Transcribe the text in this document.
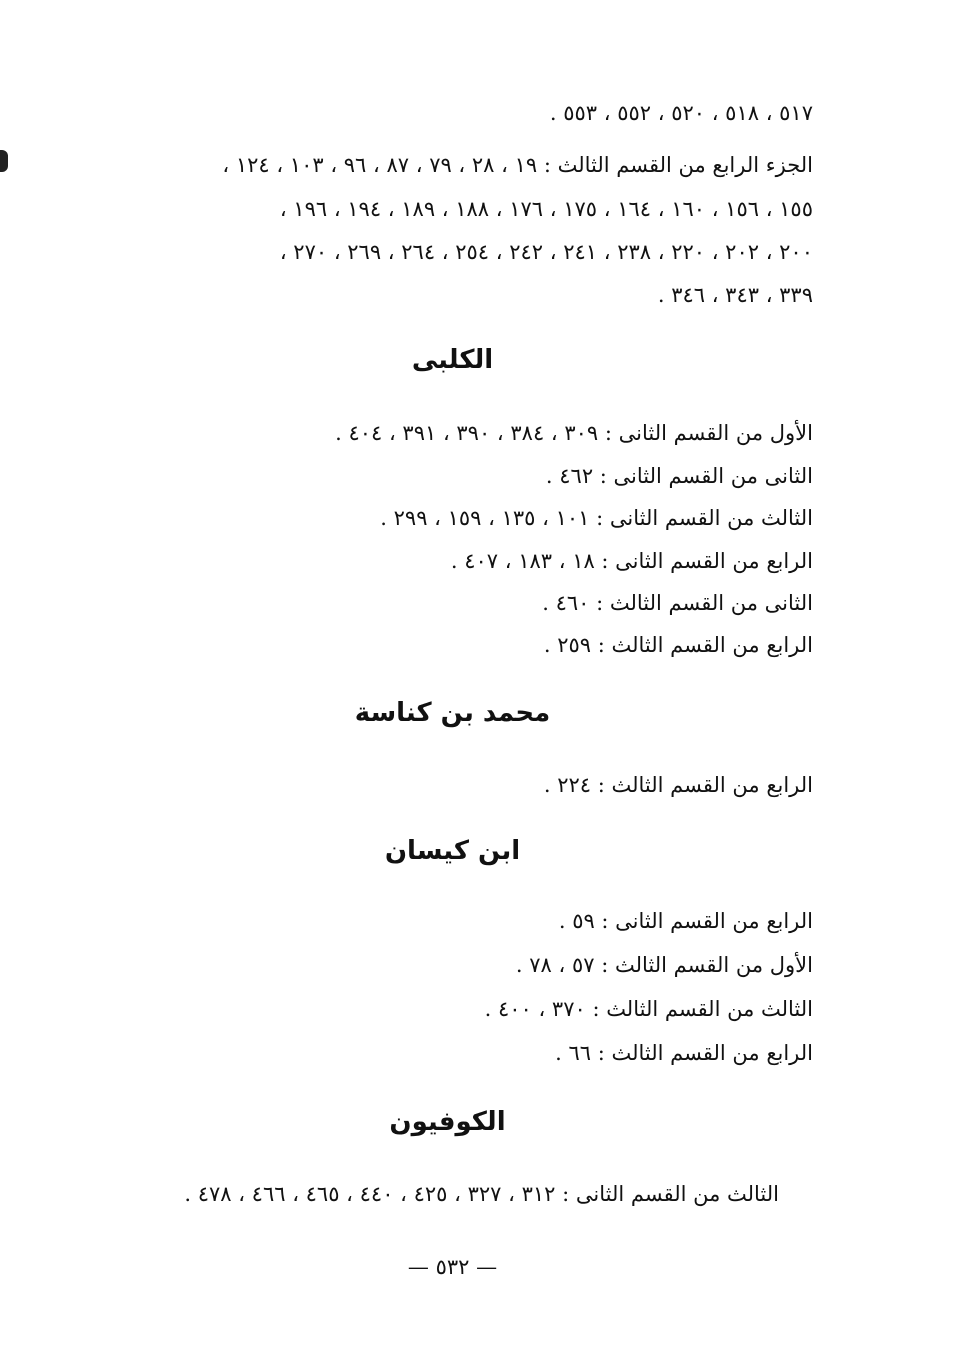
٥١٧ ، ٥١٨ ، ٥٢٠ ، ٥٥٢ ، ٥٥٣ .
الجزء الرابع من القسم الثالث : ١٩ ، ٢٨ ، ٧٩ ، ٨٧ ، ٩٦ ، ١٠٣ ، ١٢٤ ،
١٥٥ ، ١٥٦ ، ١٦٠ ، ١٦٤ ، ١٧٥ ، ١٧٦ ، ١٨٨ ، ١٨٩ ، ١٩٤ ، ١٩٦ ،
٢٠٠ ، ٢٠٢ ، ٢٢٠ ، ٢٣٨ ، ٢٤١ ، ٢٤٢ ، ٢٥٤ ، ٢٦٤ ، ٢٦٩ ، ٢٧٠ ،
٣٣٩ ، ٣٤٣ ، ٣٤٦ .
الكلبى
الأول من القسم الثانى : ٣٠٩ ، ٣٨٤ ، ٣٩٠ ، ٣٩١ ، ٤٠٤ .
الثانى من القسم الثانى : ٤٦٢ .
الثالث من القسم الثانى : ١٠١ ، ١٣٥ ، ١٥٩ ، ٢٩٩ .
الرابع من القسم الثانى : ١٨ ، ١٨٣ ، ٤٠٧ .
الثانى من القسم الثالث : ٤٦٠ .
الرابع من القسم الثالث : ٢٥٩ .
محمد بن كناسة
الرابع من القسم الثالث : ٢٢٤ .
ابن كيسان
الرابع من القسم الثانى : ٥٩ .
الأول من القسم الثالث : ٥٧ ، ٧٨ .
الثالث من القسم الثالث : ٣٧٠ ، ٤٠٠ .
الرابع من القسم الثالث : ٦٦ .
الكوفيون
الثالث من القسم الثانى : ٣١٢ ، ٣٢٧ ، ٤٢٥ ، ٤٤٠ ، ٤٦٥ ، ٤٦٦ ، ٤٧٨ .
— ٥٣٢ —
